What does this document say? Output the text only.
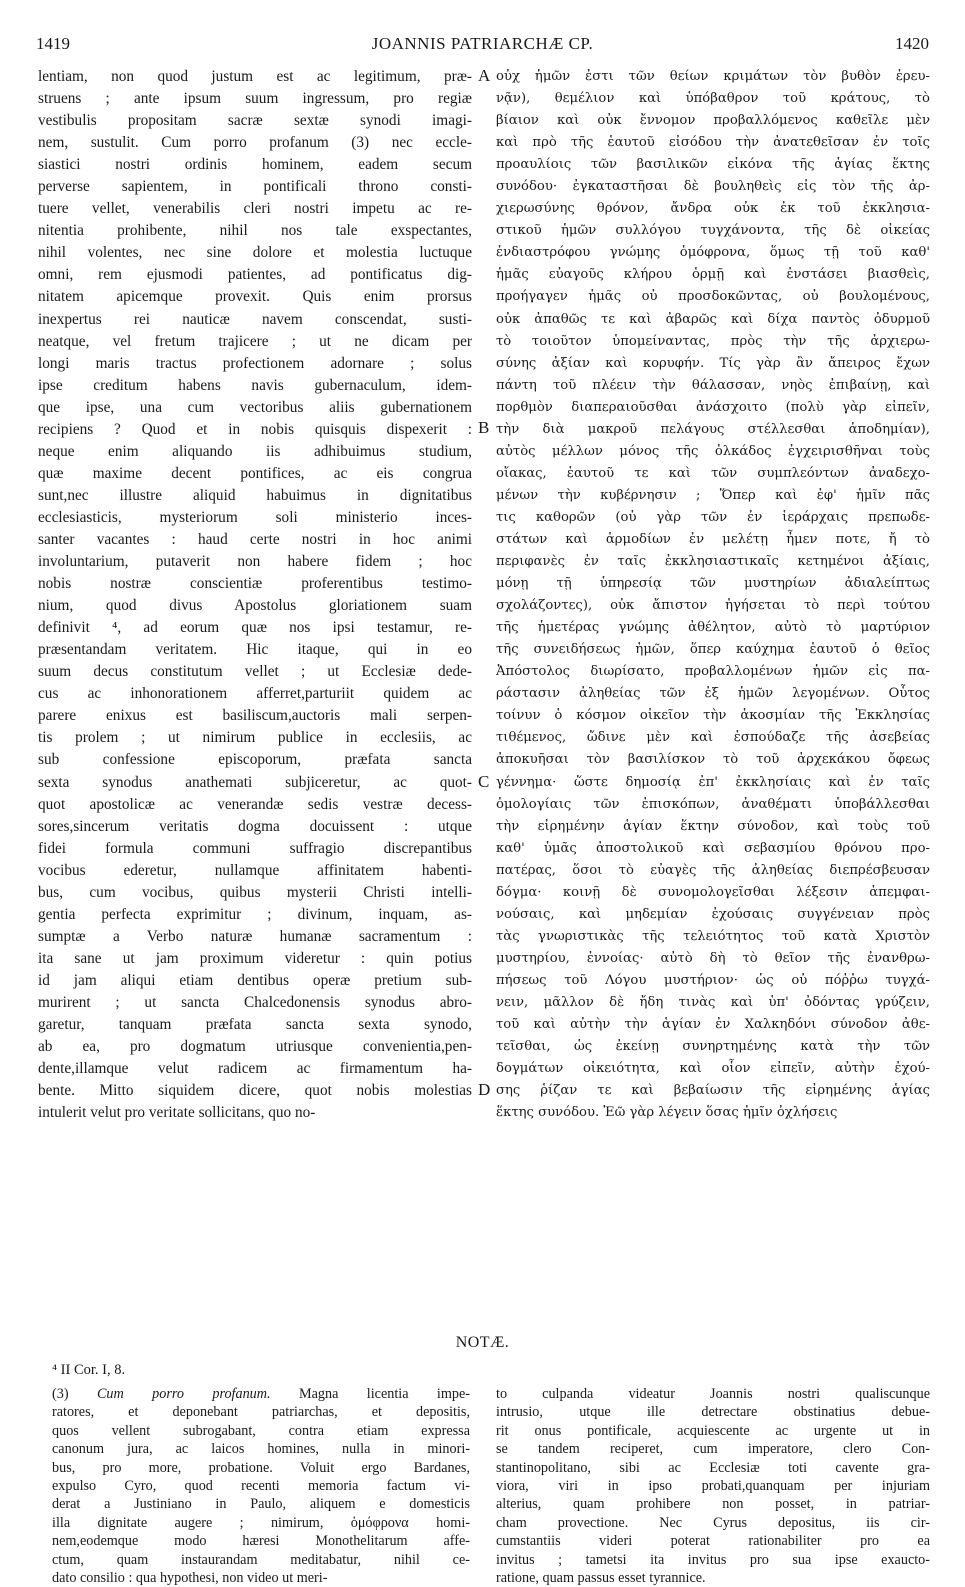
1419	JOANNIS PATRIARCHÆ CP.	1420
lentiam, non quod justum est ac legitimum, præ-
struens ; ante ipsum suum ingressum, pro regiæ
vestibulis propositam sacræ sextæ synodi imagi-
nem, sustulit. Cum porro profanum (3) nec eccle-
siastici nostri ordinis hominem, eadem secum
perverse sapientem, in pontificali throno consti-
tuere vellet, venerabilis cleri nostri impetu ac re-
nitentia prohibente, nihil nos tale exspectantes,
nihil volentes, nec sine dolore et molestia luctuque
omni, rem ejusmodi patientes, ad pontificatus dig-
nitatem apicemque provexit. Quis enim prorsus
inexpertus rei nauticæ navem conscendat, susti-
neatque, vel fretum trajicere ; ut ne dicam per
longi maris tractus profectionem adornare ; solus
ipse creditum habens navis gubernaculum, idem-
que ipse, una cum vectoribus aliis gubernationem
recipiens ? Quod et in nobis quisquis dispexerit :
neque enim aliquando iis adhibuimus studium,
quæ maxime decent pontifices, ac eis congrua
sunt,nec illustre aliquid habuimus in dignitatibus
ecclesiasticis, mysteriorum soli ministerio inces-
santer vacantes : haud certe nostri in hoc animi
involuntarium, putaverit non habere fidem ; hoc
nobis nostræ conscientiæ proferentibus testimo-
nium, quod divus Apostolus gloriationem suam
definivit ⁴, ad eorum quæ nos ipsi testamur, re-
præsentandam veritatem. Hic itaque, qui in eo
suum decus constitutum vellet ; ut Ecclesiæ dede-
cus ac inhonorationem afferret,parturiit quidem ac
parere enixus est basiliscum,auctoris mali serpen-
tis prolem ; ut nimirum publice in ecclesiis, ac
sub confessione episcoporum, præfata sancta
sexta synodus anathemati subjiceretur, ac quot-
quot apostolicæ ac venerandæ sedis vestræ decess-
sores,sincerum veritatis dogma docuissent : utque
fidei formula communi suffragio discrepantibus
vocibus ederetur, nullamque affinitatem habenti-
bus, cum vocibus, quibus mysterii Christi intelli-
gentia perfecta exprimitur ; divinum, inquam, as-
sumptæ a Verbo naturæ humanæ sacramentum :
ita sane ut jam proximum videretur : quin potius
id jam aliqui etiam dentibus operæ pretium sub-
murirent ; ut sancta Chalcedonensis synodus abro-
garetur, tanquam præfata sancta sexta synodo,
ab ea, pro dogmatum utriusque convenientia,pen-
dente,illamque velut radicem ac firmamentum ha-
bente. Mitto siquidem dicere, quot nobis molestias
intulerit velut pro veritate sollicitans, quo no-
οὐχ ἡμῶν ἐστι τῶν θείων κριμάτων τὸν βυθὸν ἐρευ-
νᾷν), θεμέλιον καὶ ὑπόβαθρον τοῦ κράτους, τὸ
βίαιον καὶ οὐκ ἔννομον προβαλλόμενος καθεῖλε μὲν
καὶ πρὸ τῆς ἑαυτοῦ εἰσόδου τὴν ἀνατεθεῖσαν ἐν τοῖς
προαυλίοις τῶν βασιλικῶν εἰκόνα τῆς ἁγίας ἕκτης
συνόδου· ἐγκαταστῆσαι δὲ βουληθεὶς εἰς τὸν τῆς ἀρ-
χιερωσύνης θρόνον, ἄνδρα οὐκ ἐκ τοῦ ἐκκλησια-
στικοῦ ἡμῶν συλλόγου τυγχάνοντα, τῆς δὲ οἰκείας
ἐνδιαστρόφου γνώμης ὁμόφρονα, ὅμως τῇ τοῦ καθ'
ἡμᾶς εὐαγοῦς κλήρου ὁρμῇ καὶ ἐνστάσει βιασθεὶς,
προήγαγεν ἡμᾶς οὐ προσδοκῶντας, οὐ βουλομένους,
οὐκ ἀπαθῶς τε καὶ ἀβαρῶς καὶ δίχα παντὸς ὀδυρμοῦ
τὸ τοιοῦτον ὑπομείναντας, πρὸς τὴν τῆς ἀρχιερω-
σύνης ἀξίαν καὶ κορυφήν. Τίς γὰρ ἂν ἄπειρος ἔχων
πάντη τοῦ πλέειν τὴν θάλασσαν, νηὸς ἐπιβαίνῃ, καὶ
πορθμὸν διαπεραιοῦσθαι ἀνάσχοιτο (πολὺ γὰρ εἰπεῖν,
τὴν διὰ μακροῦ πελάγους στέλλεσθαι ἀποδημίαν),
αὐτὸς μέλλων μόνος τῆς ὁλκάδος ἐγχειρισθῆναι τοὺς
οἴακας, ἑαυτοῦ τε καὶ τῶν συμπλεόντων ἀναδεχο-
μένων τὴν κυβέρνησιν ; Ὅπερ καὶ ἐφ' ἡμῖν πᾶς
τις καθορῶν (οὐ γὰρ τῶν ἐν ἱεράρχαις πρεπωδε-
στάτων καὶ ἁρμοδίων ἐν μελέτῃ ἦμεν ποτε, ἤ τὸ
περιφανὲς ἐν ταῖς ἐκκλησιαστικαῖς κετημένοι ἀξίαις,
μόνῃ τῇ ὑπηρεσίᾳ τῶν μυστηρίων ἀδιαλείπτως
σχολάζοντες), οὐκ ἄπιστον ἡγήσεται τὸ περὶ τούτου
τῆς ἡμετέρας γνώμης ἀθέλητον, αὐτὸ τὸ μαρτύριον
τῆς συνειδήσεως ἡμῶν, ὅπερ καύχημα ἑαυτοῦ ὁ θεῖος
Ἀπόστολος διωρίσατο, προβαλλομένων ἡμῶν εἰς πα-
ράστασιν ἀληθείας τῶν ἐξ ἡμῶν λεγομένων. Οὗτος
τοίνυν ὁ κόσμον οἰκεῖον τὴν ἀκοσμίαν τῆς Ἐκκλησίας
τιθέμενος, ὤδινε μὲν καὶ ἐσπούδαζε τῆς ἀσεβείας
ἀποκυῆσαι τὸν βασιλίσκον τὸ τοῦ ἀρχεκάκου ὄφεως
γέννημα· ὥστε δημοσίᾳ ἐπ' ἐκκλησίαις καὶ ἐν ταῖς
ὁμολογίαις τῶν ἐπισκόπων, ἀναθέματι ὑποβάλλεσθαι
τὴν εἰρημένην ἁγίαν ἕκτην σύνοδον, καὶ τοὺς τοῦ
καθ' ὑμᾶς ἀποστολικοῦ καὶ σεβασμίου θρόνου προ-
πατέρας, ὅσοι τὸ εὐαγὲς τῆς ἀληθείας διεπρέσβευσαν
δόγμα· κοινῇ δὲ συνομολογεῖσθαι λέξεσιν ἀπεμφαι-
νούσαις, καὶ μηδεμίαν ἐχούσαις συγγένειαν πρὸς
τὰς γνωριστικὰς τῆς τελειότητος τοῦ κατὰ Χριστὸν
μυστηρίου, ἐννοίας· αὐτὸ δὴ τὸ θεῖον τῆς ἐνανθρω-
πήσεως τοῦ Λόγου μυστήριον· ὡς οὐ πόῤῥω τυγχά-
νειν, μᾶλλον δὲ ἤδη τινὰς καὶ ὑπ' ὀδόντας γρύζειν,
τοῦ καὶ αὐτὴν τὴν ἁγίαν ἐν Χαλκηδόνι σύνοδον ἀθε-
τεῖσθαι, ὡς ἐκείνῃ συνηρτημένης κατὰ τὴν τῶν
δογμάτων οἰκειότητα, καὶ οἷον εἰπεῖν, αὐτὴν ἐχού-
σης ῥίζαν τε καὶ βεβαίωσιν τῆς εἰρημένης ἁγίας
ἕκτης συνόδου. Ἐῶ γὰρ λέγειν ὅσας ἡμῖν ὀχλήσεις
A
B
C
D
NOTÆ.
⁴ II Cor. I, 8.
(3) Cum porro profanum. Magna licentia impe-
ratores, et deponebant patriarchas, et depositis,
quos vellent subrogabant, contra etiam expressa
canonum jura, ac laicos homines, nulla in minori-
bus, pro more, probatione. Voluit ergo Bardanes,
expulso Cyro, quod recenti memoria factum vi-
derat a Justiniano in Paulo, aliquem e domesticis
illa dignitate augere ; nimirum, ὁμόφρονα homi-
nem,eodemque modo hæresi Monothelitarum affe-
ctum, quam instaurandam meditabatur, nihil ce-
dato consilio : qua hypothesi, non video ut meri-
to culpanda videatur Joannis nostri qualiscunque
intrusio, utque ille detrectare obstinatius debue-
rit onus pontificale, acquiescente ac urgente ut in
se tandem reciperet, cum imperatore, clero Con-
stantinopolitano, sibi ac Ecclesiæ toti cavente gra-
viora, viri in ipso probati,quanquam per injuriam
alterius, quam prohibere non posset, in patriar-
cham provectione. Nec Cyrus depositus, iis cir-
cumstantiis videri poterat rationabiliter pro ea
invitus ; tametsi ita invitus pro sua ipse exaucto-
ratione, quam passus esset tyrannice.
